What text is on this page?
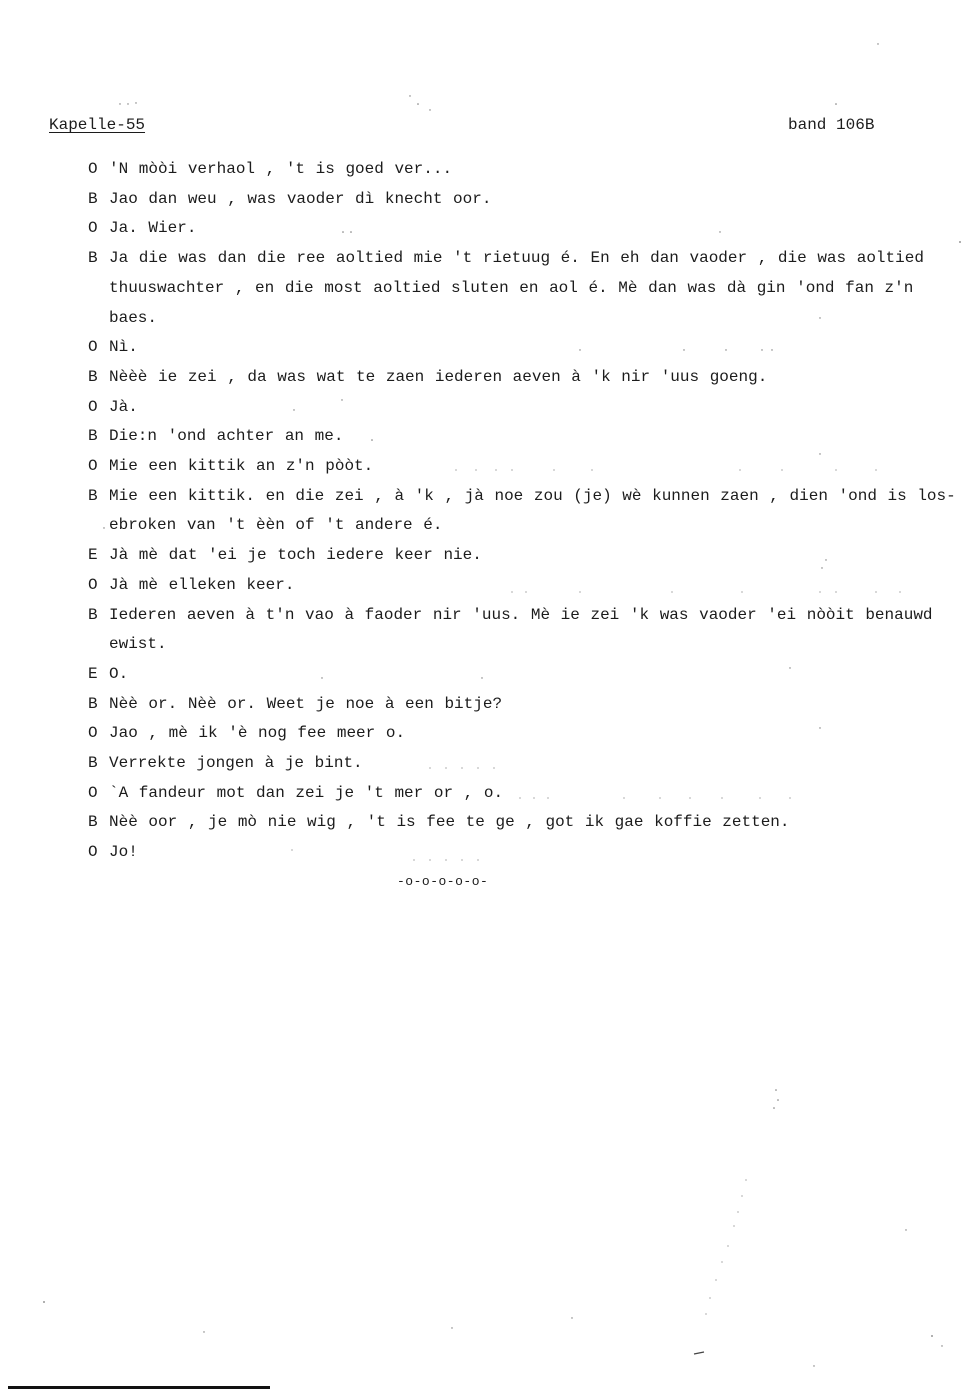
Kapelle-55	band 106B
O 'N mòòi verhaol , 't is goed ver...
B Jao dan weu , was vaoder dì knecht oor.
O Ja. Wier.
B Ja die was dan die ree aoltied mie 't rietuug é. En eh dan vaoder , die was aoltied thuuswachter , en die most aoltied sluten en aol é. Mè dan was dà gin 'ond fan z'n baes.
O Nì.
B Nèèè ie zei , da was wat te zaen iederen aeven à 'k nir 'uus goeng.
O Jà.
B Die:n 'ond achter an me.
O Mie een kittik an z'n pòòt.
B Mie een kittik. en die zei , à 'k , jà noe zou (je) wè kunnen zaen , dien 'ond is los-ebroken van 't èèn of 't andere é.
E Jà mè dat 'ei je toch iedere keer nie.
O Jà mè elleken keer.
B Iederen aeven à t'n vao à faoder nir 'uus. Mè ie zei 'k was vaoder 'ei nòòit benauwd ewist.
E O.
B Nèè or. Nèè or. Weet je noe à een bitje?
O Jao , mè ik 'è nog fee meer o.
B Verrekte jongen à je bint.
O `A fandeur mot dan zei je 't mer or , o.
B Nèè oor , je mò nie wig , 't is fee te ge , got ik gae koffie zetten.
O Jo!
-o-o-o-o-o-
